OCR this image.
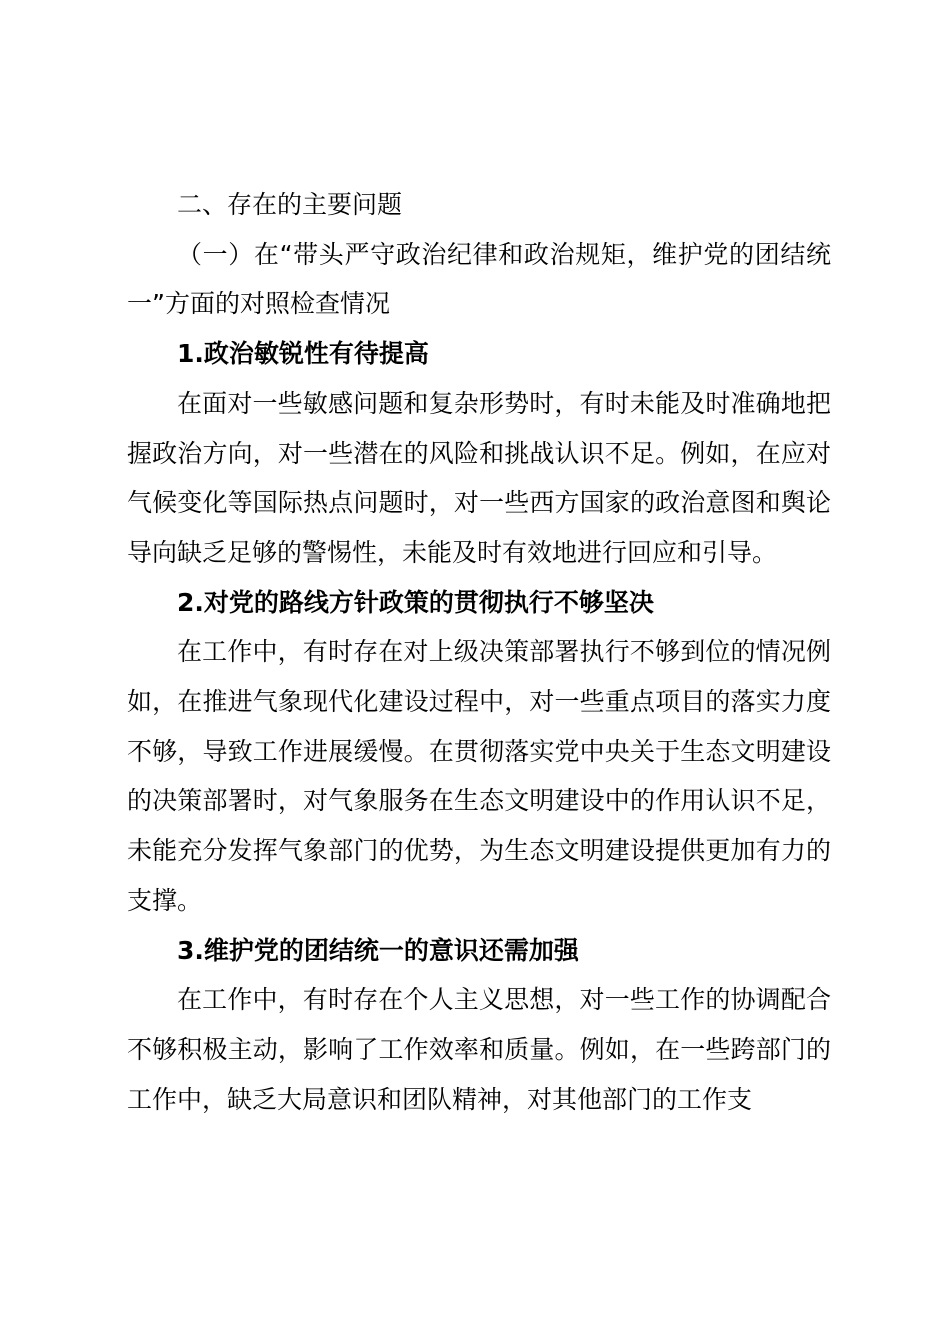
二、存在的主要问题

（一）在“带头严守政治纪律和政治规矩，维护党的团结统一”方面的对照检查情况

1.政治敏锐性有待提高

在面对一些敏感问题和复杂形势时，有时未能及时准确地把握政治方向，对一些潜在的风险和挑战认识不足。例如，在应对气候变化等国际热点问题时，对一些西方国家的政治意图和舆论导向缺乏足够的警惕性，未能及时有效地进行回应和引导。

2.对党的路线方针政策的贯彻执行不够坚决

在工作中，有时存在对上级决策部署执行不够到位的情况例如，在推进气象现代化建设过程中，对一些重点项目的落实力度不够，导致工作进展缓慢。在贯彻落实党中央关于生态文明建设的决策部署时，对气象服务在生态文明建设中的作用认识不足，未能充分发挥气象部门的优势，为生态文明建设提供更加有力的支撑。

3.维护党的团结统一的意识还需加强

在工作中，有时存在个人主义思想，对一些工作的协调配合不够积极主动，影响了工作效率和质量。例如，在一些跨部门的工作中，缺乏大局意识和团队精神，对其他部门的工作支
